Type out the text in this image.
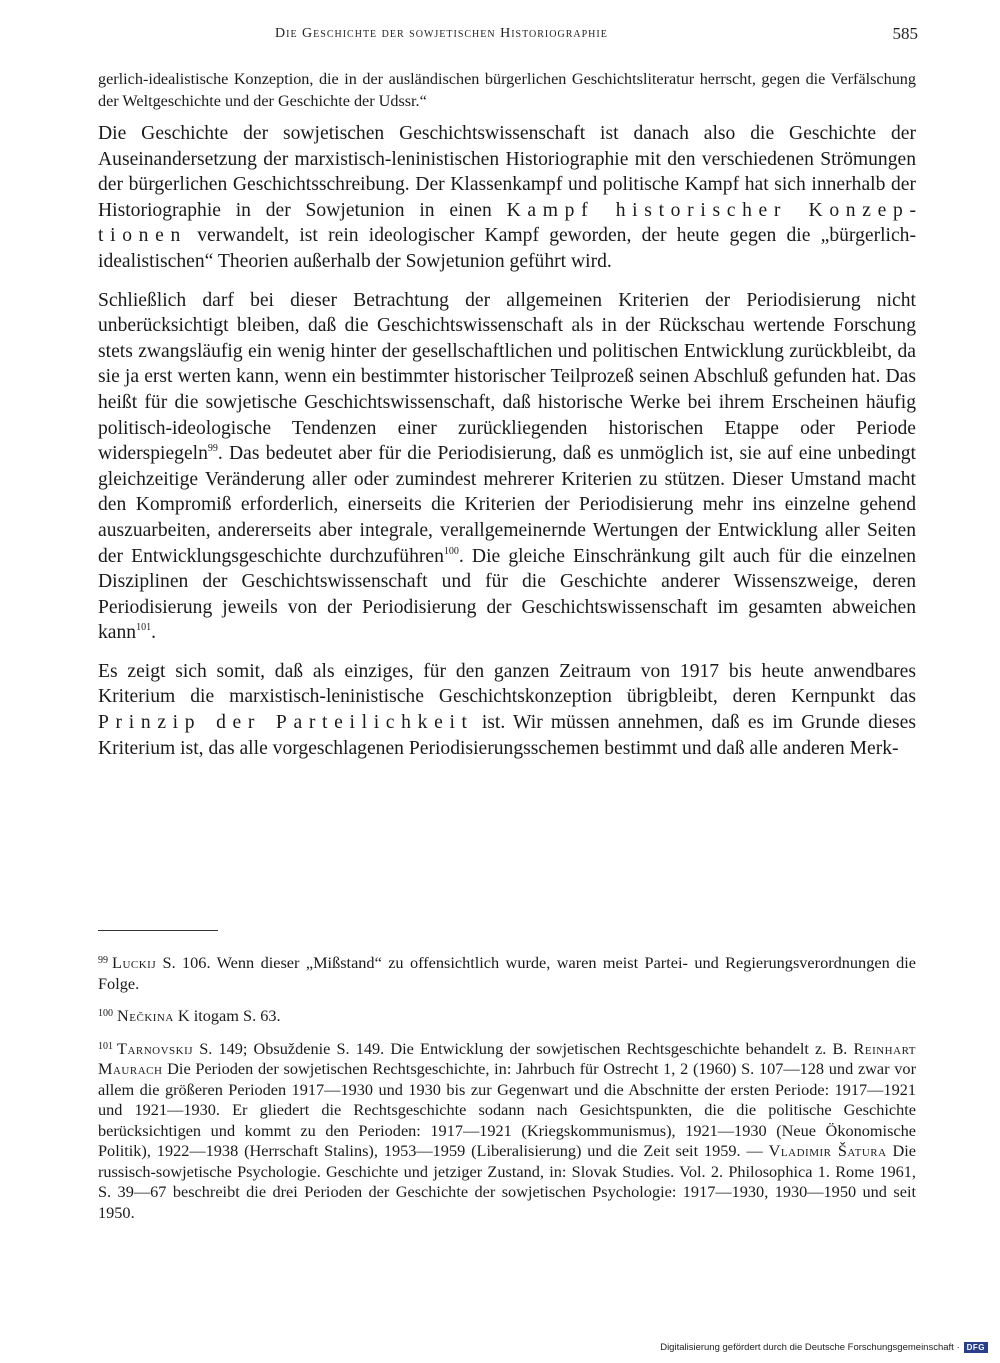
Die Geschichte der sowjetischen Historiographie	585

gerlich-idealistische Konzeption, die in der ausländischen bürgerlichen Geschichtsliteratur herrscht, gegen die Verfälschung der Weltgeschichte und der Geschichte der Udssr.“

Die Geschichte der sowjetischen Geschichtswissenschaft ist danach also die Geschichte der Auseinandersetzung der marxistisch-leninistischen Historiographie mit den verschiedenen Strömungen der bürgerlichen Geschichtsschreibung. Der Klassenkampf und politische Kampf hat sich innerhalb der Historiographie in der Sowjetunion in einen Kampf historischer Konzeptionen verwandelt, ist rein ideologischer Kampf geworden, der heute gegen die „bürgerlich-idealistischen“ Theorien außerhalb der Sowjetunion geführt wird.

Schließlich darf bei dieser Betrachtung der allgemeinen Kriterien der Periodisierung nicht unberücksichtigt bleiben, daß die Geschichtswissenschaft als in der Rückschau wertende Forschung stets zwangsläufig ein wenig hinter der gesellschaftlichen und politischen Entwicklung zurückbleibt, da sie ja erst werten kann, wenn ein bestimmter historischer Teilprozeß seinen Abschluß gefunden hat. Das heißt für die sowjetische Geschichtswissenschaft, daß historische Werke bei ihrem Erscheinen häufig politisch-ideologische Tendenzen einer zurückliegenden historischen Etappe oder Periode widerspiegeln$^{99}$. Das bedeutet aber für die Periodisierung, daß es unmöglich ist, sie auf eine unbedingt gleichzeitige Veränderung aller oder zumindest mehrerer Kriterien zu stützen. Dieser Umstand macht den Kompromiß erforderlich, einerseits die Kriterien der Periodisierung mehr ins einzelne gehend auszuarbeiten, andererseits aber integrale, verallgemeinernde Wertungen der Entwicklung aller Seiten der Entwicklungsgeschichte durchzuführen$^{100}$. Die gleiche Einschränkung gilt auch für die einzelnen Disziplinen der Geschichtswissenschaft und für die Geschichte anderer Wissenszweige, deren Periodisierung jeweils von der Periodisierung der Geschichtswissenschaft im gesamten abweichen kann$^{101}$.

Es zeigt sich somit, daß als einziges, für den ganzen Zeitraum von 1917 bis heute anwendbares Kriterium die marxistisch-leninistische Geschichtskonzeption übrigbleibt, deren Kernpunkt das Prinzip der Parteilichkeit ist. Wir müssen annehmen, daß es im Grunde dieses Kriterium ist, das alle vorgeschlagenen Periodisierungsschemen bestimmt und daß alle anderen Merk-

$^{99}$ Luckij S. 106. Wenn dieser „Mißstand“ zu offensichtlich wurde, waren meist Partei- und Regierungsverordnungen die Folge.

$^{100}$ Nečkina K itogam S. 63.

$^{101}$ Tarnovskij S. 149; Obsuždenie S. 149. Die Entwicklung der sowjetischen Rechtsgeschichte behandelt z. B. Reinhart Maurach Die Perioden der sowjetischen Rechtsgeschichte, in: Jahrbuch für Ostrecht 1, 2 (1960) S. 107—128 und zwar vor allem die größeren Perioden 1917—1930 und 1930 bis zur Gegenwart und die Abschnitte der ersten Periode: 1917—1921 und 1921—1930. Er gliedert die Rechtsgeschichte sodann nach Gesichtspunkten, die die politische Geschichte berücksichtigen und kommt zu den Perioden: 1917—1921 (Kriegskommunismus), 1921—1930 (Neue Ökonomische Politik), 1922—1938 (Herrschaft Stalins), 1953—1959 (Liberalisierung) und die Zeit seit 1959. — Vladimir Šatura Die russisch-sowjetische Psychologie. Geschichte und jetziger Zustand, in: Slovak Studies. Vol. 2. Philosophica 1. Rome 1961, S. 39—67 beschreibt die drei Perioden der Geschichte der sowjetischen Psychologie: 1917—1930, 1930—1950 und seit 1950.

Digitalisierung gefördert durch die Deutsche Forschungsgemeinschaft · DFG
